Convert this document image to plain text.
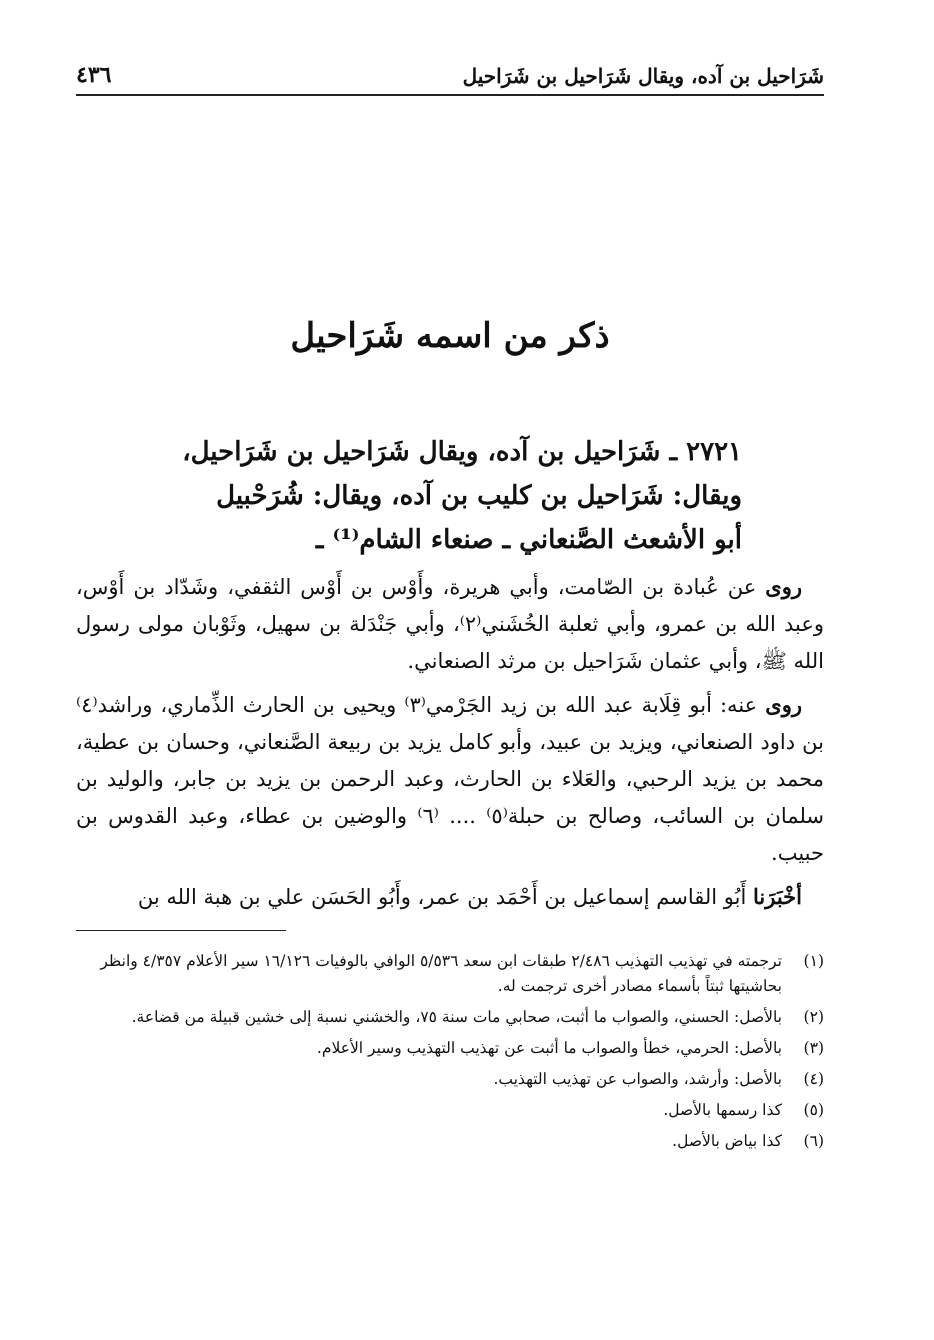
شَرَاحيل بن آده، ويقال شَرَاحيل بن شَرَاحيل
٤٣٦
ذكر من اسمه شَرَاحيل
٢٧٢١ ـ شَرَاحيل بن آده، ويقال شَرَاحيل بن شَرَاحيل،
ويقال: شَرَاحيل بن كليب بن آده، ويقال: شُرَحْبيل
أبو الأشعث الصَّنعاني ـ صنعاء الشام⁽¹⁾ ـ

روى عن عُبادة بن الصّامت، وأبي هريرة، وأَوْس بن أَوْس الثقفي، وشَدّاد بن أَوْس، وعبد الله بن عمرو، وأبي ثعلبة الخُشَني⁽٢⁾، وأبي جَنْدَلة بن سهيل، وثَوْبان مولى رسول الله ﷺ، وأبي عثمان شَرَاحيل بن مرثد الصنعاني.

روى عنه: أبو قِلَابة عبد الله بن زيد الجَرْمي⁽٣⁾ ويحيى بن الحارث الذِّماري، وراشد⁽٤⁾ بن داود الصنعاني، ويزيد بن عبيد، وأبو كامل يزيد بن ربيعة الصَّنعاني، وحسان بن عطية، محمد بن يزيد الرحبي، والعَلاء بن الحارث، وعبد الرحمن بن يزيد بن جابر، والوليد بن سلمان بن السائب، وصالح بن حبلة⁽٥⁾ .... ⁽٦⁾ والوضين بن عطاء، وعبد القدوس بن حبيب.

أخْبَرَنا أَبُو القاسم إسماعيل بن أَحْمَد بن عمر، وأَبُو الحَسَن علي بن هبة الله بن

(١)
ترجمته في تهذيب التهذيب ٢/٤٨٦ طبقات ابن سعد ٥/٥٣٦ الوافي بالوفيات ١٦/١٢٦ سير الأعلام ٤/٣٥٧ وانظر بحاشيتها ثبتاً بأسماء مصادر أخرى ترجمت له.
(٢)
بالأصل: الحسني، والصواب ما أثبت، صحابي مات سنة ٧٥، والخشني نسبة إلى خشين قبيلة من قضاعة.
(٣)
بالأصل: الحرمي، خطأ والصواب ما أثبت عن تهذيب التهذيب وسير الأعلام.
(٤)
بالأصل: وأرشد، والصواب عن تهذيب التهذيب.
(٥)
كذا رسمها بالأصل.
(٦)
كذا بياض بالأصل.
